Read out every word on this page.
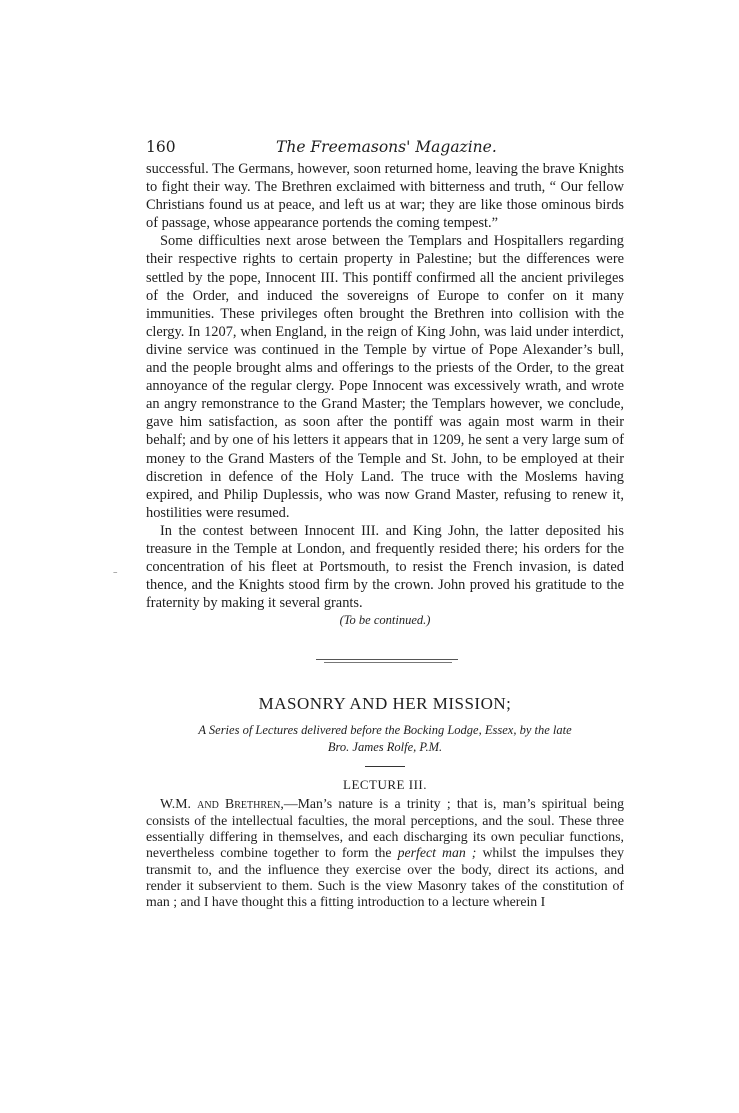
–
160	The Freemasons' Magazine.

successful. The Germans, however, soon returned home, leaving the brave Knights to fight their way. The Brethren exclaimed with bitterness and truth, “ Our fellow Christians found us at peace, and left us at war; they are like those ominous birds of passage, whose appearance portends the coming tempest.”

Some difficulties next arose between the Templars and Hospitallers regarding their respective rights to certain property in Palestine; but the differences were settled by the pope, Innocent III. This pontiff confirmed all the ancient privileges of the Order, and induced the sovereigns of Europe to confer on it many immunities. These privileges often brought the Brethren into collision with the clergy. In 1207, when England, in the reign of King John, was laid under interdict, divine service was continued in the Temple by virtue of Pope Alexander’s bull, and the people brought alms and offerings to the priests of the Order, to the great annoyance of the regular clergy. Pope Innocent was excessively wrath, and wrote an angry remonstrance to the Grand Master; the Templars however, we conclude, gave him satisfaction, as soon after the pontiff was again most warm in their behalf; and by one of his letters it appears that in 1209, he sent a very large sum of money to the Grand Masters of the Temple and St. John, to be employed at their discretion in defence of the Holy Land. The truce with the Moslems having expired, and Philip Duplessis, who was now Grand Master, refusing to renew it, hostilities were resumed.

In the contest between Innocent III. and King John, the latter deposited his treasure in the Temple at London, and frequently resided there; his orders for the concentration of his fleet at Portsmouth, to resist the French invasion, is dated thence, and the Knights stood firm by the crown. John proved his gratitude to the fraternity by making it several grants.

(To be continued.)
MASONRY AND HER MISSION;
A Series of Lectures delivered before the Bocking Lodge, Essex, by the late
Bro. James Rolfe, P.M.
LECTURE III.

W.M. and Brethren,—Man’s nature is a trinity ; that is, man’s spiritual being consists of the intellectual faculties, the moral perceptions, and the soul. These three essentially differing in themselves, and each discharging its own peculiar functions, nevertheless combine together to form the perfect man ; whilst the impulses they transmit to, and the influence they exercise over the body, direct its actions, and render it subservient to them. Such is the view Masonry takes of the constitution of man ; and I have thought this a fitting introduction to a lecture wherein I
